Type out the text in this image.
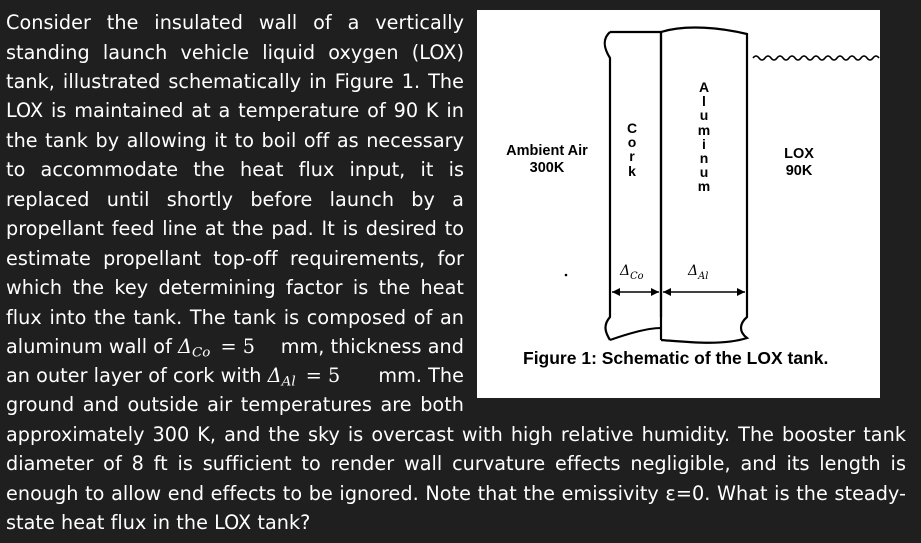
Consider the insulated wall of a vertically
standing launch vehicle liquid oxygen (LOX)
tank, illustrated schematically in Figure 1. The
LOX is maintained at a temperature of 90 K in
the tank by allowing it to boil off as necessary
to accommodate the heat flux input, it is
replaced until shortly before launch by a
propellant feed line at the pad. It is desired to
estimate propellant top-off requirements, for
which the key determining factor is the heat
flux into the tank. The tank is composed of an
aluminum wall of $\Delta_{Co} = 5$ mm, thickness and
an outer layer of cork with $\Delta_{Al} = 5$ mm. The
ground and outside air temperatures are both
approximately 300 K, and the sky is overcast with high relative humidity. The booster tank
diameter of 8 ft is sufficient to render wall curvature effects negligible, and its length is
enough to allow end effects to be ignored. Note that the emissivity ε=0. What is the steady-
state heat flux in the LOX tank?
Ambient Air
300K
C
o
r
k
A
l
u
m
i
n
u
m
LOX
90K
$\Delta_{Co}$	$\Delta_{Al}$
Figure 1: Schematic of the LOX tank.
